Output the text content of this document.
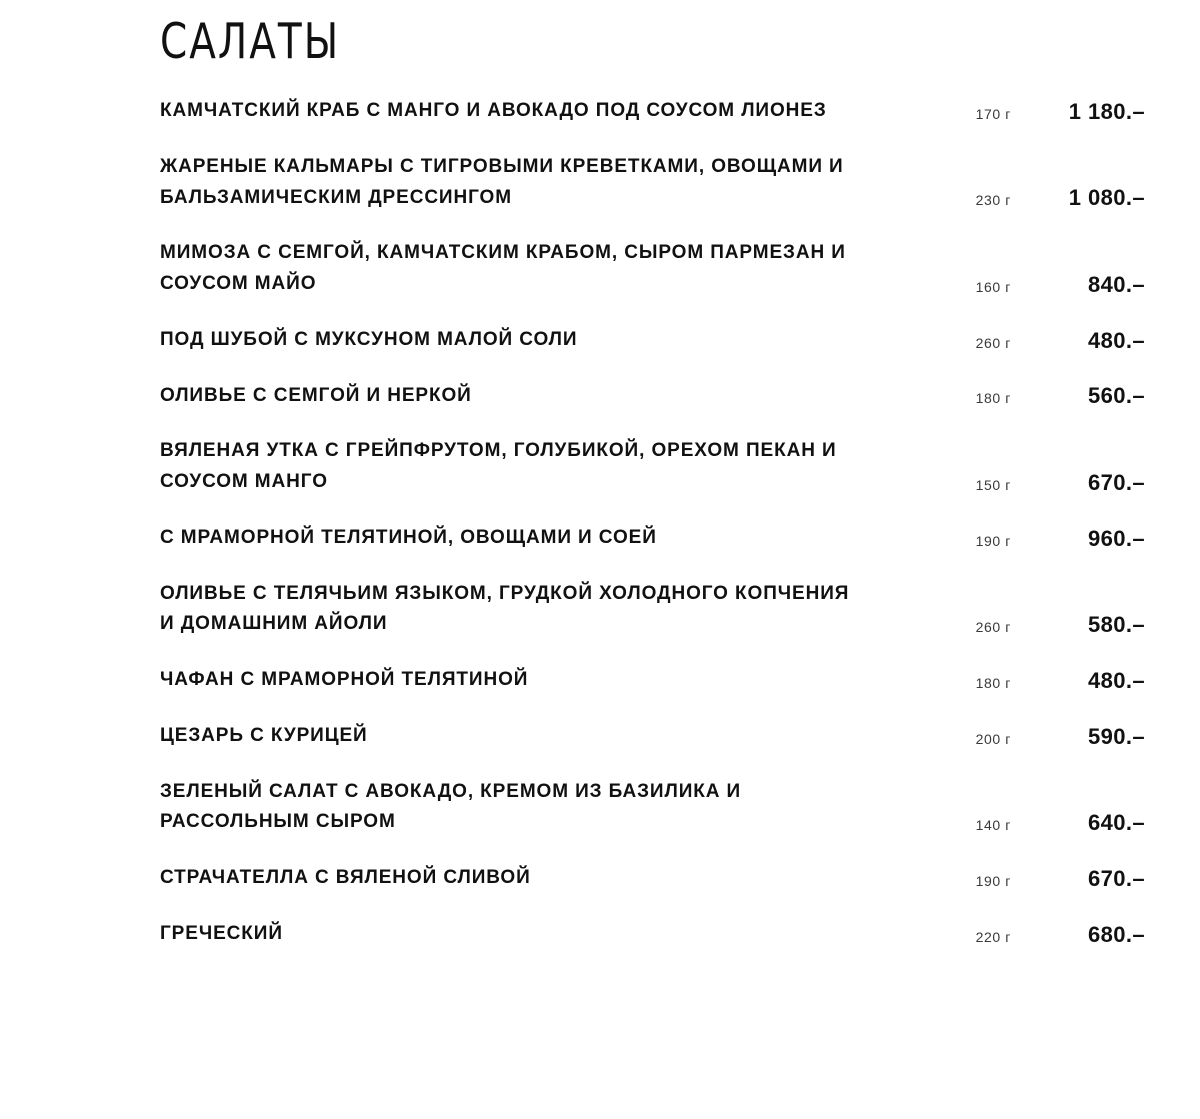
САЛАТЫ
КАМЧАТСКИЙ КРАБ С МАНГО И АВОКАДО ПОД СОУСОМ ЛИОНЕЗ	170 г	1 180.–
ЖАРЕНЫЕ КАЛЬМАРЫ С ТИГРОВЫМИ КРЕВЕТКАМИ, ОВОЩАМИ И БАЛЬЗАМИЧЕСКИМ ДРЕССИНГОМ	230 г	1 080.–
МИМОЗА С СЕМГОЙ, КАМЧАТСКИМ КРАБОМ, СЫРОМ ПАРМЕЗАН И СОУСОМ МАЙО	160 г	840.–
ПОД ШУБОЙ С МУКСУНОМ МАЛОЙ СОЛИ	260 г	480.–
ОЛИВЬЕ С СЕМГОЙ И НЕРКОЙ	180 г	560.–
ВЯЛЕНАЯ УТКА С ГРЕЙПФРУТОМ, ГОЛУБИКОЙ, ОРЕХОМ ПЕКАН И СОУСОМ МАНГО	150 г	670.–
С МРАМОРНОЙ ТЕЛЯТИНОЙ, ОВОЩАМИ И СОЕЙ	190 г	960.–
ОЛИВЬЕ С ТЕЛЯЧЬИМ ЯЗЫКОМ, ГРУДКОЙ ХОЛОДНОГО КОПЧЕНИЯ И ДОМАШНИМ АЙОЛИ	260 г	580.–
ЧАФАН С МРАМОРНОЙ ТЕЛЯТИНОЙ	180 г	480.–
ЦЕЗАРЬ С КУРИЦЕЙ	200 г	590.–
ЗЕЛЕНЫЙ САЛАТ С АВОКАДО, КРЕМОМ ИЗ БАЗИЛИКА И РАССОЛЬНЫМ СЫРОМ	140 г	640.–
СТРАЧАТЕЛЛА С ВЯЛЕНОЙ СЛИВОЙ	190 г	670.–
ГРЕЧЕСКИЙ	220 г	680.–
